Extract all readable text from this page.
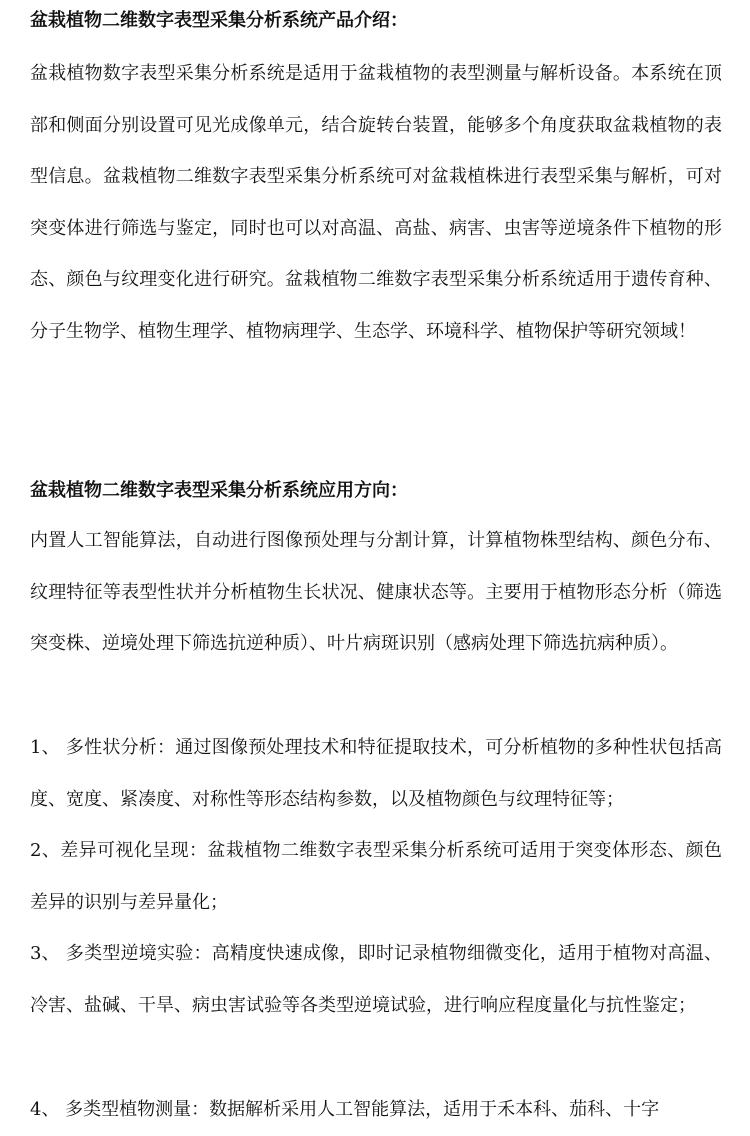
盆栽植物二维数字表型采集分析系统产品介绍：

盆栽植物数字表型采集分析系统是适用于盆栽植物的表型测量与解析设备。本系统在顶部和侧面分别设置可见光成像单元，结合旋转台装置，能够多个角度获取盆栽植物的表型信息。盆栽植物二维数字表型采集分析系统可对盆栽植株进行表型采集与解析，可对突变体进行筛选与鉴定，同时也可以对高温、高盐、病害、虫害等逆境条件下植物的形态、颜色与纹理变化进行研究。盆栽植物二维数字表型采集分析系统适用于遗传育种、分子生物学、植物生理学、植物病理学、生态学、环境科学、植物保护等研究领域！

盆栽植物二维数字表型采集分析系统应用方向：

内置人工智能算法，自动进行图像预处理与分割计算，计算植物株型结构、颜色分布、纹理特征等表型性状并分析植物生长状况、健康状态等。主要用于植物形态分析（筛选突变株、逆境处理下筛选抗逆种质）、叶片病斑识别（感病处理下筛选抗病种质）。

1、 多性状分析：通过图像预处理技术和特征提取技术，可分析植物的多种性状包括高度、宽度、紧凑度、对称性等形态结构参数，以及植物颜色与纹理特征等；

2、差异可视化呈现：盆栽植物二维数字表型采集分析系统可适用于突变体形态、颜色差异的识别与差异量化；

3、 多类型逆境实验：高精度快速成像，即时记录植物细微变化，适用于植物对高温、冷害、盐碱、干旱、病虫害试验等各类型逆境试验，进行响应程度量化与抗性鉴定；

4、 多类型植物测量：数据解析采用人工智能算法，适用于禾本科、茄科、十字
